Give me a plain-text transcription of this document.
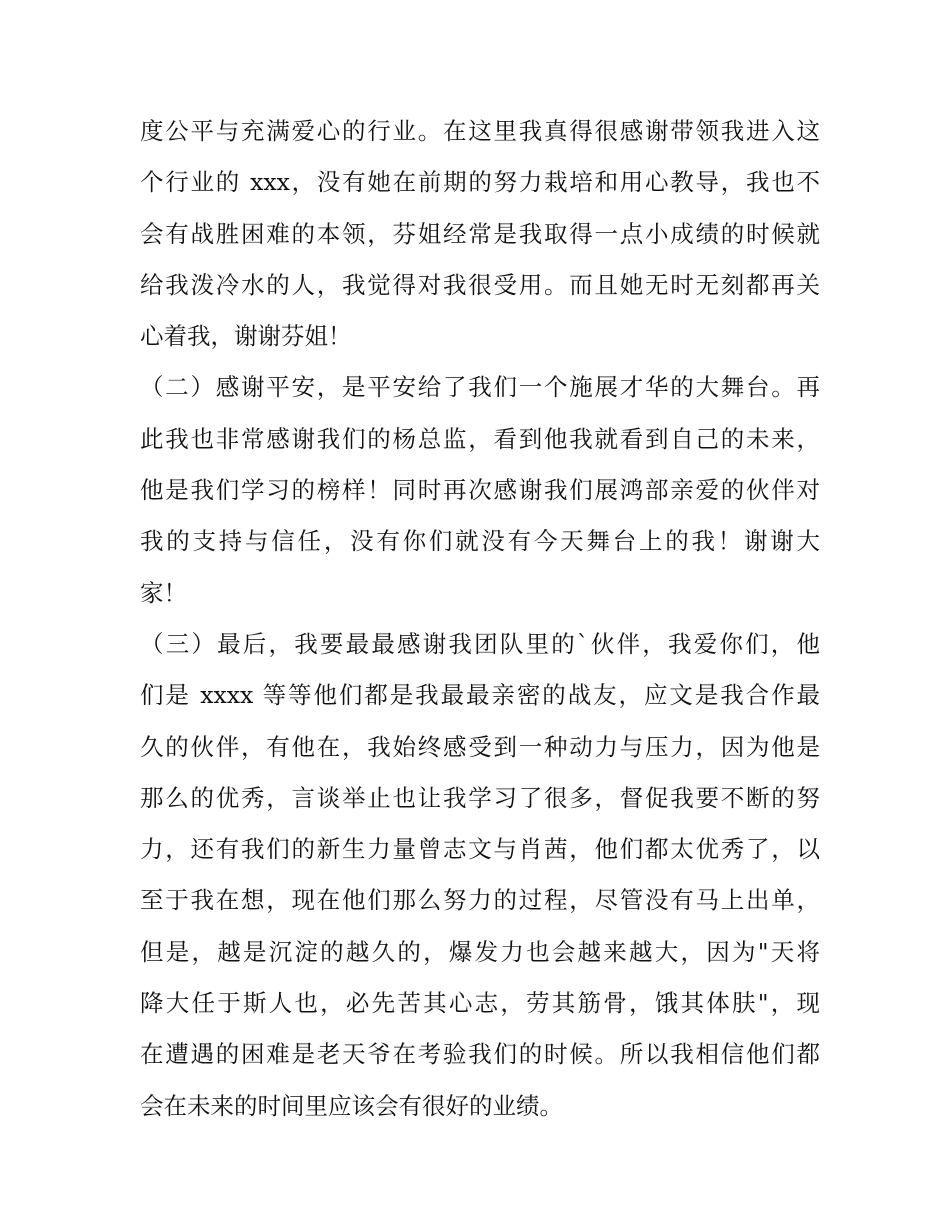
度公平与充满爱心的行业。在这里我真得很感谢带领我进入这
个行业的 xxx，没有她在前期的努力栽培和用心教导，我也不
会有战胜困难的本领，芬姐经常是我取得一点小成绩的时候就
给我泼冷水的人，我觉得对我很受用。而且她无时无刻都再关
心着我，谢谢芬姐！
（二）感谢平安，是平安给了我们一个施展才华的大舞台。再
此我也非常感谢我们的杨总监，看到他我就看到自己的未来，
他是我们学习的榜样！同时再次感谢我们展鸿部亲爱的伙伴对
我的支持与信任，没有你们就没有今天舞台上的我！谢谢大
家！
（三）最后，我要最最感谢我团队里的`伙伴，我爱你们，他
们是 xxxx 等等他们都是我最最亲密的战友，应文是我合作最
久的伙伴，有他在，我始终感受到一种动力与压力，因为他是
那么的优秀，言谈举止也让我学习了很多，督促我要不断的努
力，还有我们的新生力量曾志文与肖茜，他们都太优秀了，以
至于我在想，现在他们那么努力的过程，尽管没有马上出单，
但是，越是沉淀的越久的，爆发力也会越来越大，因为"天将
降大任于斯人也，必先苦其心志，劳其筋骨，饿其体肤"，现
在遭遇的困难是老天爷在考验我们的时候。所以我相信他们都
会在未来的时间里应该会有很好的业绩。
